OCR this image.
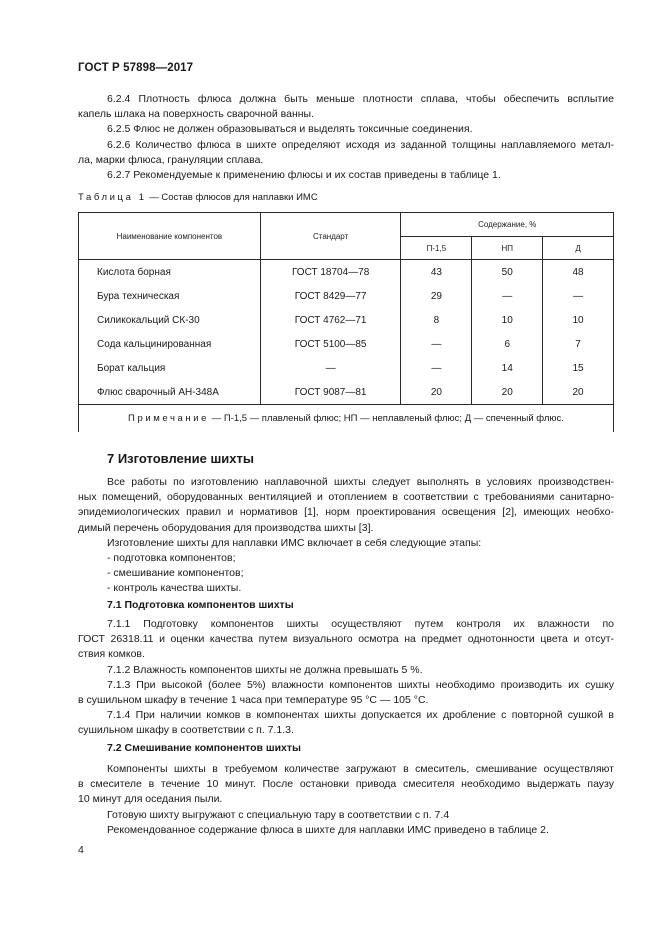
ГОСТ Р 57898—2017

6.2.4 Плотность флюса должна быть меньше плотности сплава, чтобы обеспечить всплытие

капель шлака на поверхность сварочной ванны.

6.2.5 Флюс не должен образовываться и выделять токсичные соединения.

6.2.6 Количество флюса в шихте определяют исходя из заданной толщины наплавляемого метал-

ла, марки флюса, грануляции сплава.

6.2.7 Рекомендуемые к применению флюсы и их состав приведены в таблице 1.

Таблица 1 — Состав флюсов для наплавки ИМС
Наименование компонентов	Стандарт	Содержание, %		
		П-1,5	НП	Д
Кислота борная	ГОСТ 18704—78	43	50	48
Бура техническая	ГОСТ 8429—77	29	—	—
Силикокальций СК-30	ГОСТ 4762—71	8	10	10
Сода кальцинированная	ГОСТ 5100—85	—	6	7
Борат кальция	—	—	14	15
Флюс сварочный АН-348А	ГОСТ 9087—81	20	20	20
Примечание — П-1,5 — плавленый флюс; НП — неплавленый флюс; Д — спеченный флюс.				
7 Изготовление шихты

Все работы по изготовлению наплавочной шихты следует выполнять в условиях производствен-

ных помещений, оборудованных вентиляцией и отоплением в соответствии с требованиями санитарно-

эпидемиологических правил и нормативов [1], норм проектирования освещения [2], имеющих необхо-

димый перечень оборудования для производства шихты [3].

Изготовление шихты для наплавки ИМС включает в себя следующие этапы:

- подготовка компонентов;

- смешивание компонентов;

- контроль качества шихты.

7.1 Подготовка компонентов шихты

7.1.1 Подготовку компонентов шихты осуществляют путем контроля их влажности по

ГОСТ 26318.11 и оценки качества путем визуального осмотра на предмет однотонности цвета и отсут-

ствия комков.

7.1.2 Влажность компонентов шихты не должна превышать 5 %.

7.1.3 При высокой (более 5%) влажности компонентов шихты необходимо производить их сушку

в сушильном шкафу в течение 1 часа при температуре 95 °С — 105 °С.

7.1.4 При наличии комков в компонентах шихты допускается их дробление с повторной сушкой в

сушильном шкафу в соответствии с п. 7.1.3.

7.2 Смешивание компонентов шихты

Компоненты шихты в требуемом количестве загружают в смеситель, смешивание осуществляют

в смесителе в течение 10 минут. После остановки привода смесителя необходимо выдержать паузу

10 минут для оседания пыли.

Готовую шихту выгружают с специальную тару в соответствии с п. 7.4

Рекомендованное содержание флюса в шихте для наплавки ИМС приведено в таблице 2.

4
